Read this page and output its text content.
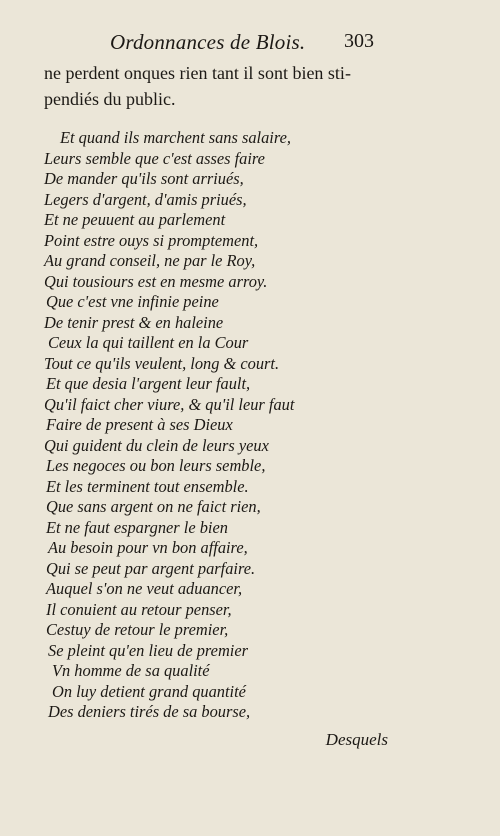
Ordonnances de Blois. 303
ne perdent onques rien tant il sont bien sti-
pendiés du public.
Et quand ils marchent sans salaire,
Leurs semble que c'est asses faire
De mander qu'ils sont arriués,
Legers d'argent, d'amis priués,
Et ne peuuent au parlement
Point estre ouys si promptement,
Au grand conseil, ne par le Roy,
Qui tousiours est en mesme arroy.
Que c'est vne infinie peine
De tenir prest & en haleine
Ceux la qui taillent en la Cour
Tout ce qu'ils veulent, long & court.
Et que desia l'argent leur fault,
Qu'il faict cher viure, & qu'il leur faut
Faire de present à ses Dieux
Qui guident du clein de leurs yeux
Les negoces ou bon leurs semble,
Et les terminent tout ensemble.
Que sans argent on ne faict rien,
Et ne faut espargner le bien
Au besoin pour vn bon affaire,
Qui se peut par argent parfaire.
Auquel s'on ne veut aduancer,
Il conuient au retour penser,
Cestuy de retour le premier,
Se pleint qu'en lieu de premier
Vn homme de sa qualité
On luy detient grand quantité
Des deniers tirés de sa bourse,
Desquels
